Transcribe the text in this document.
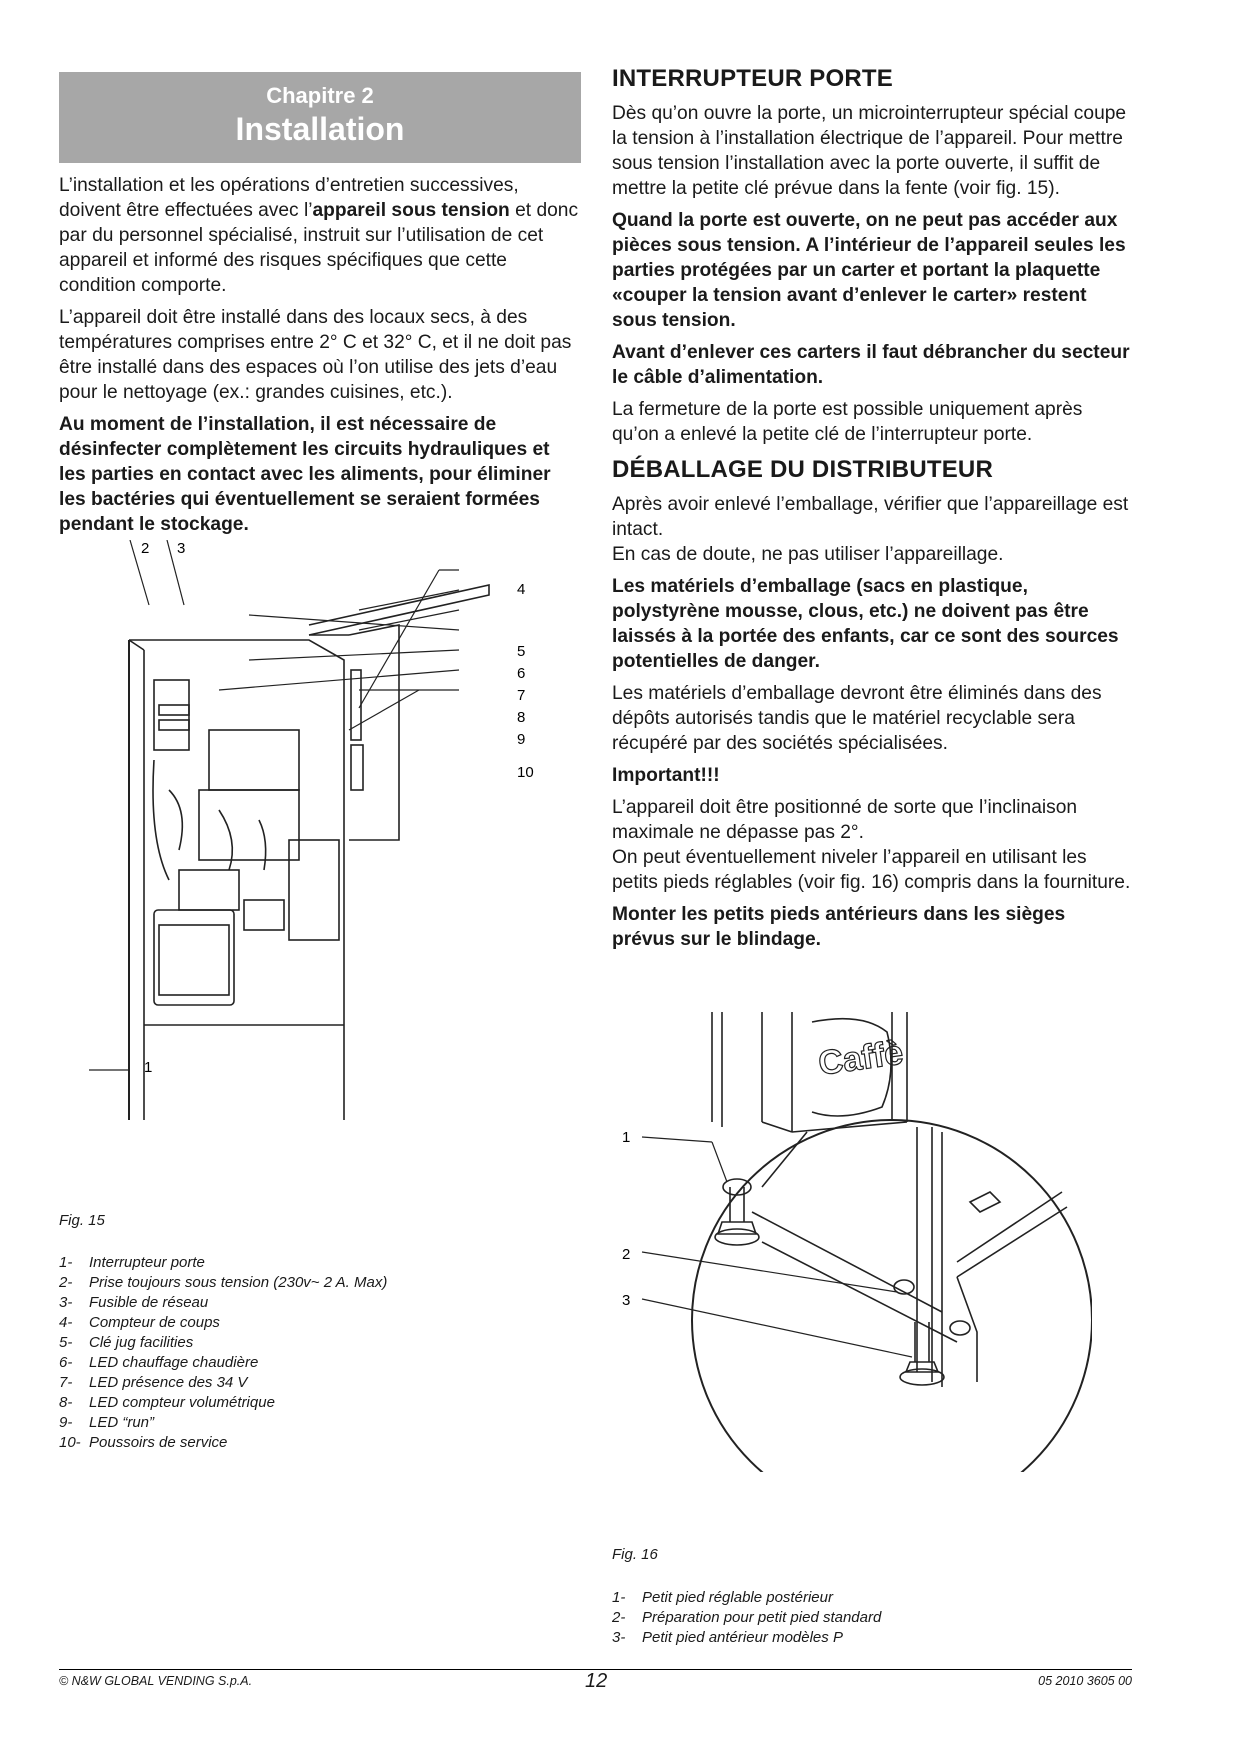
Chapitre 2
Installation

L’installation et les opérations d’entretien successives, doivent être effectuées avec l’appareil sous tension et donc par du personnel spécialisé, instruit sur l’utilisation de cet appareil et informé des risques spécifiques que cette condition comporte.

L’appareil doit être installé dans des locaux secs, à des températures comprises entre 2° C et 32° C, et il ne doit pas être installé dans des espaces où l’on utilise des jets d’eau pour le nettoyage (ex.: grandes cuisines, etc.).

Au moment de l’installation, il est nécessaire de désinfecter complètement les circuits hydrauliques et les parties en contact avec les aliments, pour éliminer les bactéries qui éventuellement se seraient formées pendant le stockage.

1
2 3
4
5
6
7
8
9
10
Fig. 15
1- Interrupteur porte
2- Prise toujours sous tension (230v~ 2 A. Max)
3- Fusible de réseau
4- Compteur de coups
5- Clé jug facilities
6- LED chauffage chaudière
7- LED présence des 34 V
8- LED compteur volumétrique
9- LED “run”
10- Poussoirs de service
INTERRUPTEUR PORTE

Dès qu’on ouvre la porte, un microinterrupteur spécial coupe la tension à l’installation électrique de l’appareil. Pour mettre sous tension l’installation avec la porte ouverte, il suffit de mettre la petite clé prévue dans la fente (voir fig. 15).

Quand la porte est ouverte, on ne peut pas accéder aux pièces sous tension. A l’intérieur de l’appareil seules les parties protégées par un carter et portant la plaquette «couper la tension avant d’enlever le carter» restent sous tension.

Avant d’enlever ces carters il faut débrancher du secteur le câble d’alimentation.

La fermeture de la porte est possible uniquement après qu’on a enlevé la petite clé de l’interrupteur porte.

DÉBALLAGE DU DISTRIBUTEUR

Après avoir enlevé l’emballage, vérifier que l’appareillage est intact.

En cas de doute, ne pas utiliser l’appareillage.

Les matériels d’emballage (sacs en plastique, polystyrène mousse, clous, etc.) ne doivent pas être laissés à la portée des enfants, car ce sont des sources potentielles de danger.

Les matériels d’emballage devront être éliminés dans des dépôts autorisés tandis que le matériel recyclable sera récupéré par des sociétés spécialisées.

Important!!!

L’appareil doit être positionné de sorte que l’inclinaison maximale ne dépasse pas 2°.

On peut éventuellement niveler l’appareil en utilisant les petits pieds réglables (voir fig. 16) compris dans la fourniture.

Monter les petits pieds antérieurs dans les sièges prévus sur le blindage.

Caffè
1
2
3
Fig. 16
1- Petit pied réglable postérieur
2- Préparation pour petit pied standard
3- Petit pied antérieur modèles P
© N&W GLOBAL VENDING S.p.A.	12	05 2010 3605 00
